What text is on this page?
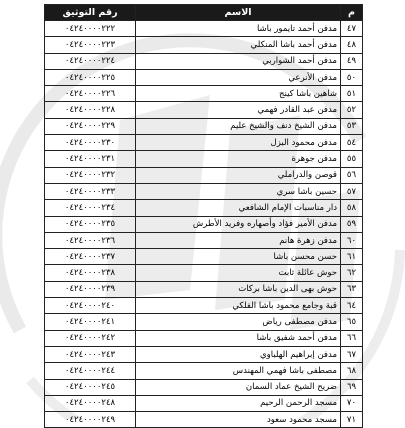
م	الاسم	رقم التوثيق
٤٧	مدفن أحمد تايمور باشا	٠٤٢٤٠٠٠٠٢٢٢
٤٨	مدفن أحمد باشا المنكلي	٠٤٢٤٠٠٠٠٢٢٣
٤٩	مدفن أحمد الشواربي	٠٤٢٤٠٠٠٠٢٢٤
٥٠	مدفن الأنرعي	٠٤٢٤٠٠٠٠٢٢٥
٥١	شاهين باشا كينج	٠٤٢٤٠٠٠٠٢٢٦
٥٢	مدفن عبد القادر فهمي	٠٤٢٤٠٠٠٠٢٢٨
٥٣	مدفن الشيخ دنف والشيخ عليم	٠٤٢٤٠٠٠٠٢٢٩
٥٤	مدفن محمود البزل	٠٤٢٤٠٠٠٠٢٣٠
٥٥	مدفن جوهرة	٠٤٢٤٠٠٠٠٢٣١
٥٦	قوصن والدراملي	٠٤٢٤٠٠٠٠٢٣٢
٥٧	حسين باشا سري	٠٤٢٤٠٠٠٠٢٣٣
٥٨	دار مناسبات الإمام الشافعي	٠٤٢٤٠٠٠٠٢٣٤
٥٩	مدفن الأمير فؤاد وأصهاره وفريد الأطرش	٠٤٢٤٠٠٠٠٢٣٥
٦٠	مدفن زهرة هانم	٠٤٢٤٠٠٠٠٢٣٦
٦١	حسن محسن باشا	٠٤٢٤٠٠٠٠٢٣٧
٦٢	حوش عائلة ثابت	٠٤٢٤٠٠٠٠٢٣٨
٦٣	حوش بهى الدين باشا بركات	٠٤٢٤٠٠٠٠٢٣٩
٦٤	قبة وجامع محمود باشا الفلكي	٠٤٢٤٠٠٠٠٢٤٠
٦٥	مدفن مصطفى رياض	٠٤٢٤٠٠٠٠٢٤١
٦٦	مدفن أحمد شفيق باشا	٠٤٢٤٠٠٠٠٢٤٢
٦٧	مدفن إبراهيم الهلباوي	٠٤٢٤٠٠٠٠٢٤٣
٦٨	مصطفى باشا فهمي المهندس	٠٤٢٤٠٠٠٠٢٤٤
٦٩	ضريح الشيخ عماد السمان	٠٤٢٤٠٠٠٠٢٤٥
٧٠	مسجد الرحمن الرحيم	٠٤٢٤٠٠٠٠٢٤٨
٧١	مسجد محمود سعود	٠٤٢٤٠٠٠٠٢٤٩
